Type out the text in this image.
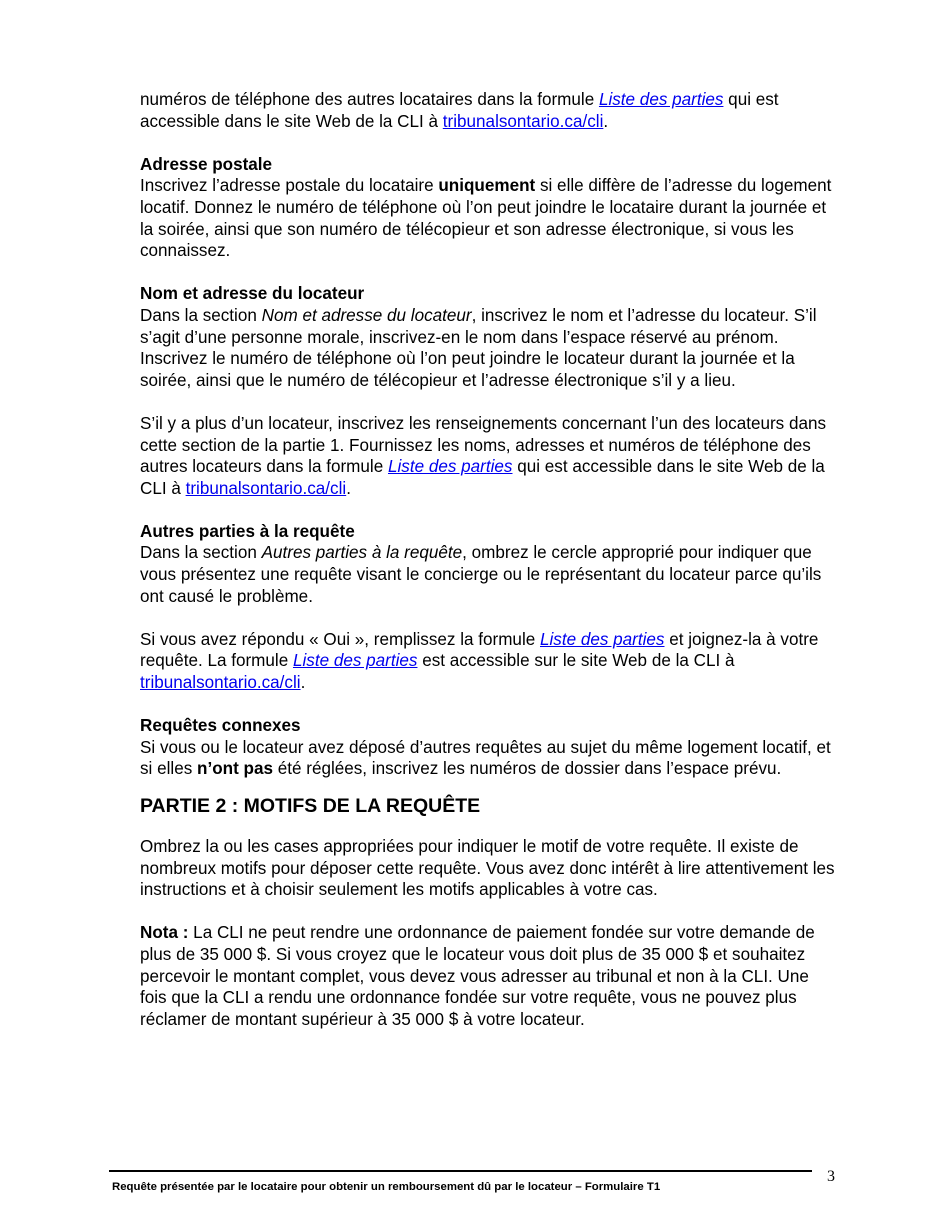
numéros de téléphone des autres locataires dans la formule Liste des parties qui est accessible dans le site Web de la CLI à tribunalsontario.ca/cli.

Adresse postale

Inscrivez l’adresse postale du locataire uniquement si elle diffère de l’adresse du logement locatif. Donnez le numéro de téléphone où l’on peut joindre le locataire durant la journée et la soirée, ainsi que son numéro de télécopieur et son adresse électronique, si vous les connaissez.

Nom et adresse du locateur

Dans la section Nom et adresse du locateur, inscrivez le nom et l’adresse du locateur. S’il s’agit d’une personne morale, inscrivez-en le nom dans l’espace réservé au prénom. Inscrivez le numéro de téléphone où l’on peut joindre le locateur durant la journée et la soirée, ainsi que le numéro de télécopieur et l’adresse électronique s’il y a lieu.

S’il y a plus d’un locateur, inscrivez les renseignements concernant l’un des locateurs dans cette section de la partie 1. Fournissez les noms, adresses et numéros de téléphone des autres locateurs dans la formule Liste des parties qui est accessible dans le site Web de la CLI à tribunalsontario.ca/cli.

Autres parties à la requête

Dans la section Autres parties à la requête, ombrez le cercle approprié pour indiquer que vous présentez une requête visant le concierge ou le représentant du locateur parce qu’ils ont causé le problème.

Si vous avez répondu « Oui », remplissez la formule Liste des parties et joignez-la à votre requête. La formule Liste des parties est accessible sur le site Web de la CLI à tribunalsontario.ca/cli.

Requêtes connexes

Si vous ou le locateur avez déposé d’autres requêtes au sujet du même logement locatif, et si elles n’ont pas été réglées, inscrivez les numéros de dossier dans l’espace prévu.

PARTIE 2 : MOTIFS DE LA REQUÊTE

Ombrez la ou les cases appropriées pour indiquer le motif de votre requête. Il existe de nombreux motifs pour déposer cette requête. Vous avez donc intérêt à lire attentivement les instructions et à choisir seulement les motifs applicables à votre cas.

Nota : La CLI ne peut rendre une ordonnance de paiement fondée sur votre demande de plus de 35 000 $. Si vous croyez que le locateur vous doit plus de 35 000 $ et souhaitez percevoir le montant complet, vous devez vous adresser au tribunal et non à la CLI. Une fois que la CLI a rendu une ordonnance fondée sur votre requête, vous ne pouvez plus réclamer de montant supérieur à 35 000 $ à votre locateur.

Requête présentée par le locataire pour obtenir un remboursement dû par le locateur – Formulaire T1
3
